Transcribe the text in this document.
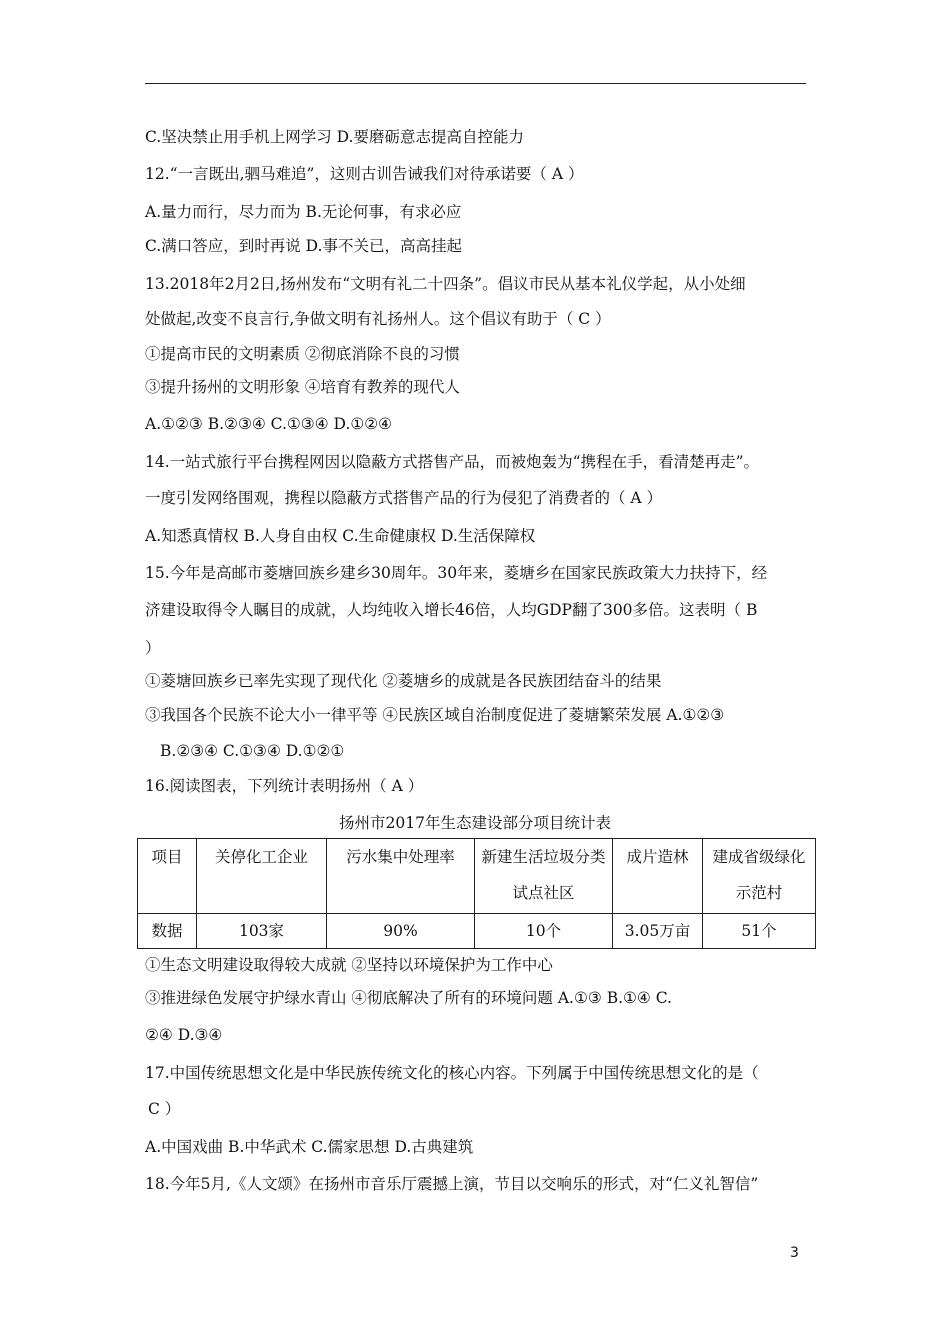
C.坚决禁止用手机上网学习 D.要磨砺意志提高自控能力
12.“一言既出,驷马难追”，这则古训告诫我们对待承诺要（ A ）
A.量力而行，尽力而为 B.无论何事，有求必应
C.满口答应，到时再说 D.事不关已，高高挂起
13.2018年2月2日,扬州发布“文明有礼二十四条”。倡议市民从基本礼仪学起，从小处细
处做起,改变不良言行,争做文明有礼扬州人。这个倡议有助于（ C ）
①提高市民的文明素质 ②彻底消除不良的习惯
③提升扬州的文明形象 ④培育有教养的现代人
A.①②③ B.②③④ C.①③④ D.①②④
14.一站式旅行平台携程网因以隐蔽方式搭售产品，而被炮轰为“携程在手，看清楚再走”。
一度引发网络围观，携程以隐蔽方式搭售产品的行为侵犯了消费者的（ A ）
A.知悉真情权 B.人身自由权 C.生命健康权 D.生活保障权
15.今年是高邮市菱塘回族乡建乡30周年。30年来，菱塘乡在国家民族政策大力扶持下，经
济建设取得令人瞩目的成就，人均纯收入增长46倍，人均GDP翻了300多倍。这表明（ B
）
①菱塘回族乡已率先实现了现代化 ②菱塘乡的成就是各民族团结奋斗的结果
③我国各个民族不论大小一律平等 ④民族区域自治制度促进了菱塘繁荣发展 A.①②③
B.②③④ C.①③④ D.①②①
16.阅读图表，下列统计表明扬州（ A ）
扬州市2017年生态建设部分项目统计表
项目	关停化工企业	污水集中处理率	新建生活垃圾分类试点社区	成片造林	建成省级绿化示范村
数据	103家	90%	10个	3.05万亩	51个
①生态文明建设取得较大成就 ②坚持以环境保护为工作中心
③推进绿色发展守护绿水青山 ④彻底解决了所有的环境问题 A.①③ B.①④ C.
②④ D.③④
17.中国传统思想文化是中华民族传统文化的核心内容。下列属于中国传统思想文化的是（
C ）
A.中国戏曲 B.中华武术 C.儒家思想 D.古典建筑
18.今年5月,《人文颂》在扬州市音乐厅震撼上演，节目以交响乐的形式，对“仁义礼智信”
3
